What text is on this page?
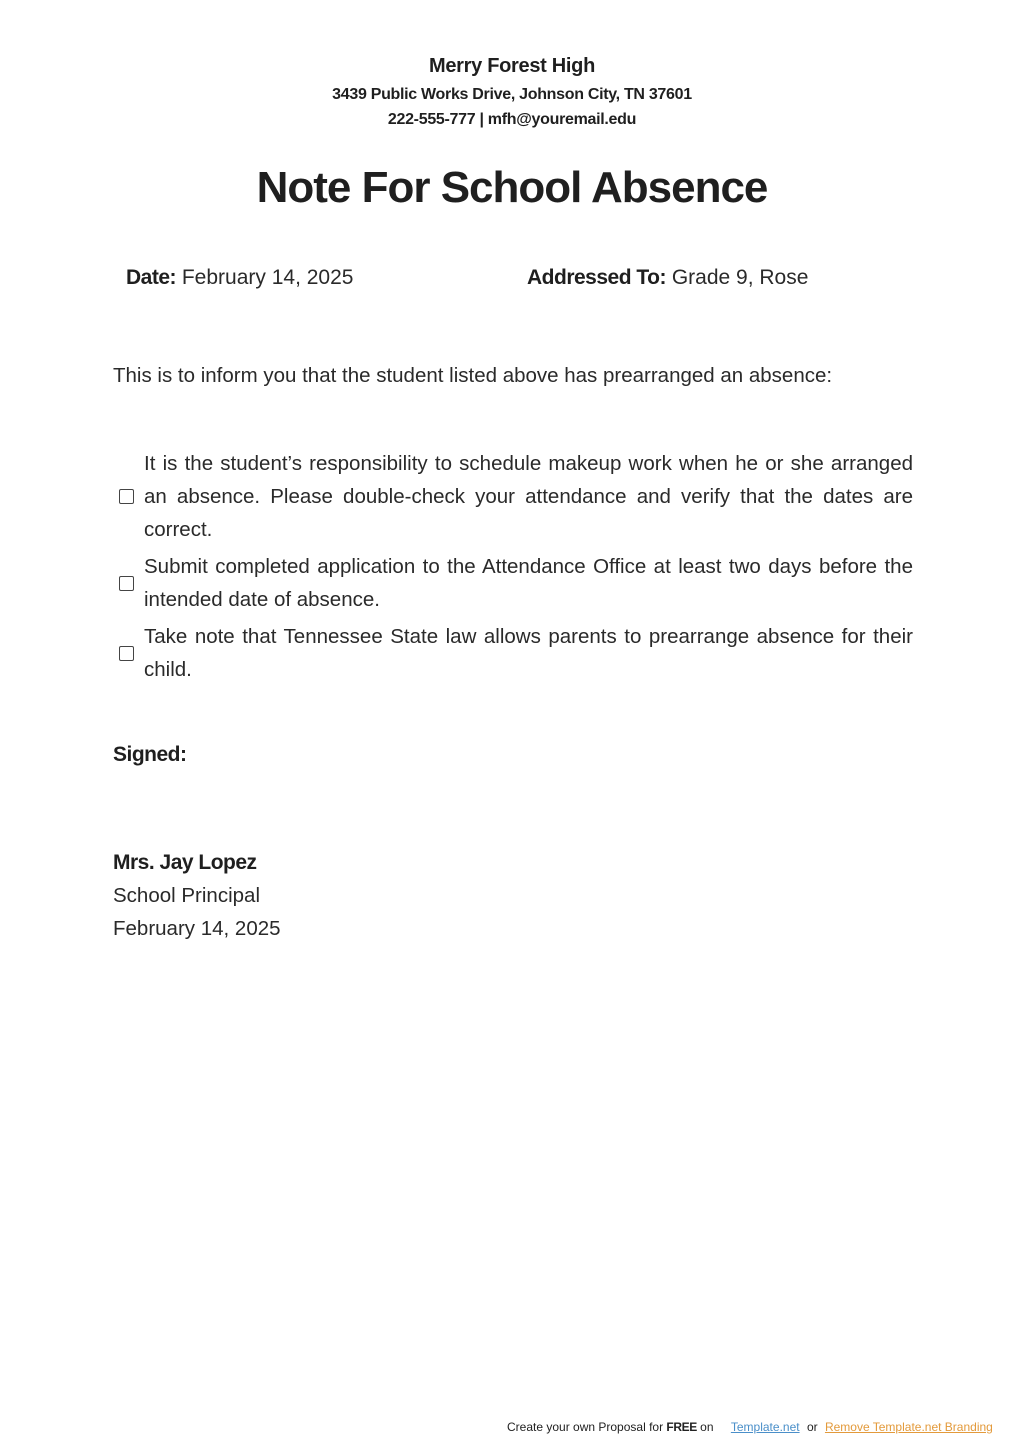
Merry Forest High
3439 Public Works Drive, Johnson City, TN 37601
222-555-777 | mfh@youremail.edu
Note For School Absence
Date: February 14, 2025	Addressed To: Grade 9, Rose
This is to inform you that the student listed above has prearranged an absence:
It is the student’s responsibility to schedule makeup work when he or she arranged an absence. Please double-check your attendance and verify that the dates are correct.
Submit completed application to the Attendance Office at least two days before the intended date of absence.
Take note that Tennessee State law allows parents to prearrange absence for their child.
Signed:
Mrs. Jay Lopez
School Principal
February 14, 2025
Create your own Proposal for FREE on Template.net or Remove Template.net Branding
